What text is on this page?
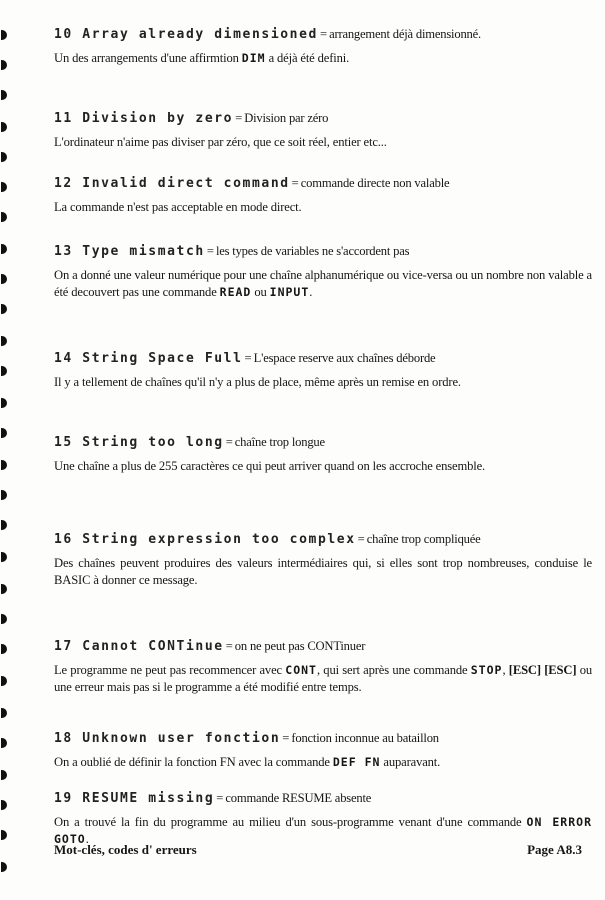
10 Array already dimensioned = arrangement déjà dimensionné.
Un des arrangements d'une affirmtion DIM a déjà été defini.
11 Division by zero = Division par zéro
L'ordinateur n'aime pas diviser par zéro, que ce soit réel, entier etc...
12 Invalid direct command = commande directe non valable
La commande n'est pas acceptable en mode direct.
13 Type mismatch = les types de variables ne s'accordent pas
On a donné une valeur numérique pour une chaîne alphanumérique ou vice-versa ou un nombre non valable a été decouvert pas une commande READ ou INPUT.
14 String Space Full = L'espace reserve aux chaînes déborde
Il y a tellement de chaînes qu'il n'y a plus de place, même après un remise en ordre.
15 String too long = chaîne trop longue
Une chaîne a plus de 255 caractères ce qui peut arriver quand on les accroche ensemble.
16 String expression too complex = chaîne trop compliquée
Des chaînes peuvent produires des valeurs intermédiaires qui, si elles sont trop nombreuses, conduise le BASIC à donner ce message.
17 Cannot CONTinue = on ne peut pas CONTinuer
Le programme ne peut pas recommencer avec CONT, qui sert après une commande STOP, [ESC] [ESC] ou une erreur mais pas si le programme a été modifié entre temps.
18 Unknown user fonction = fonction inconnue au bataillon
On a oublié de définir la fonction FN avec la commande DEF FN auparavant.
19 RESUME missing = commande RESUME absente
On a trouvé la fin du programme au milieu d'un sous-programme venant d'une commande ON ERROR GOTO.
Mot-clés, codes d' erreurs	Page A8.3
